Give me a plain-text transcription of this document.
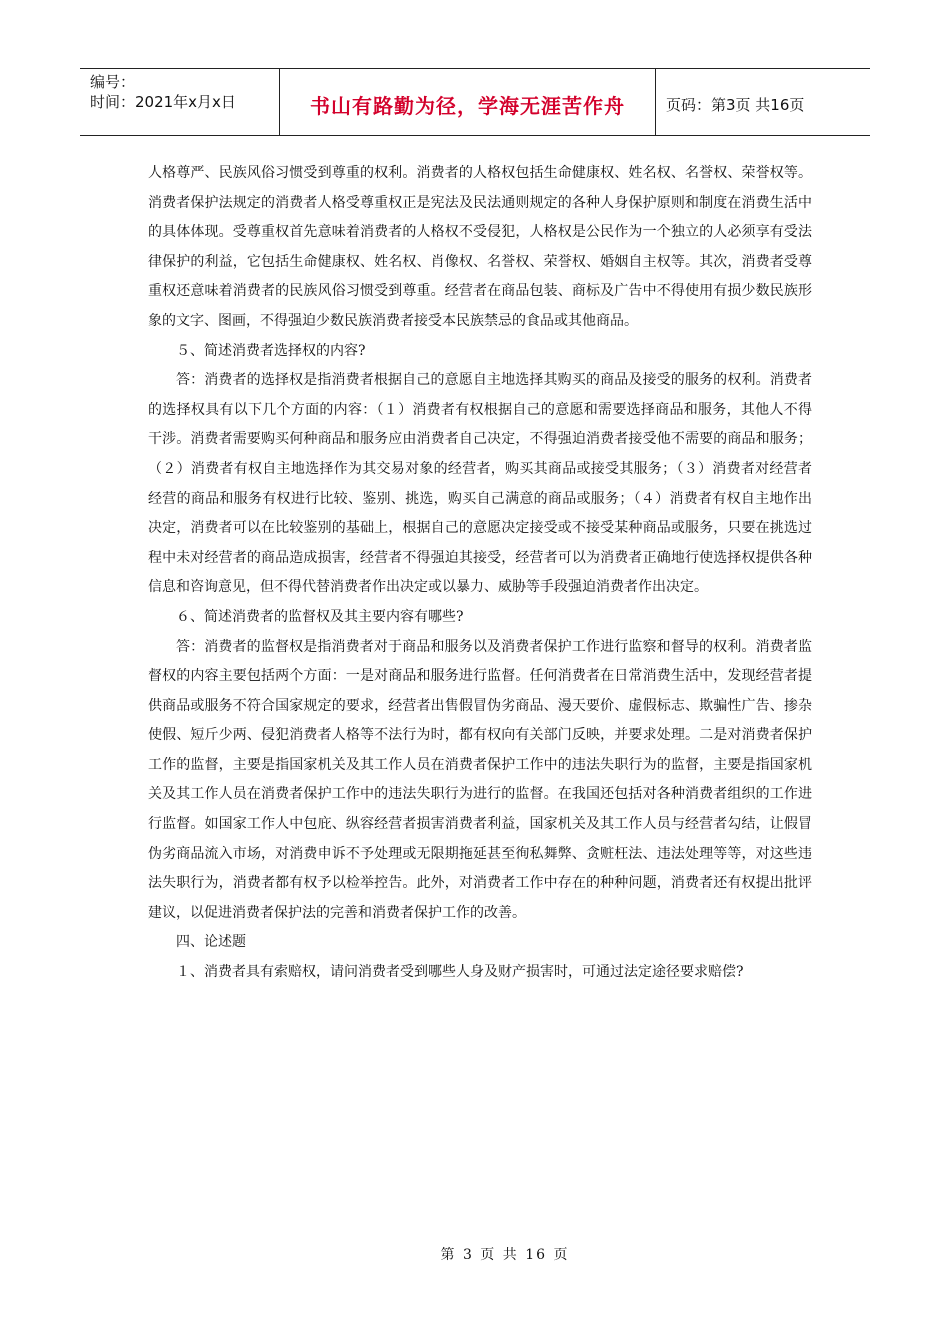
编号：
时间：2021年x月x日	书山有路勤为径，学海无涯苦作舟	页码：第3页 共16页

人格尊严、民族风俗习惯受到尊重的权利。消费者的人格权包括生命健康权、姓名权、名誉权、荣誉权等。消费者保护法规定的消费者人格受尊重权正是宪法及民法通则规定的各种人身保护原则和制度在消费生活中的具体体现。受尊重权首先意味着消费者的人格权不受侵犯，人格权是公民作为一个独立的人必须享有受法律保护的利益，它包括生命健康权、姓名权、肖像权、名誉权、荣誉权、婚姻自主权等。其次，消费者受尊重权还意味着消费者的民族风俗习惯受到尊重。经营者在商品包装、商标及广告中不得使用有损少数民族形象的文字、图画，不得强迫少数民族消费者接受本民族禁忌的食品或其他商品。

５、简述消费者选择权的内容?

答：消费者的选择权是指消费者根据自己的意愿自主地选择其购买的商品及接受的服务的权利。消费者的选择权具有以下几个方面的内容：（１）消费者有权根据自己的意愿和需要选择商品和服务，其他人不得干涉。消费者需要购买何种商品和服务应由消费者自己决定，不得强迫消费者接受他不需要的商品和服务；（２）消费者有权自主地选择作为其交易对象的经营者，购买其商品或接受其服务；（３）消费者对经营者经营的商品和服务有权进行比较、鉴别、挑选，购买自己满意的商品或服务；（４）消费者有权自主地作出决定，消费者可以在比较鉴别的基础上，根据自己的意愿决定接受或不接受某种商品或服务，只要在挑选过程中未对经营者的商品造成损害，经营者不得强迫其接受，经营者可以为消费者正确地行使选择权提供各种信息和咨询意见，但不得代替消费者作出决定或以暴力、威胁等手段强迫消费者作出决定。

６、简述消费者的监督权及其主要内容有哪些?

答：消费者的监督权是指消费者对于商品和服务以及消费者保护工作进行监察和督导的权利。消费者监督权的内容主要包括两个方面：一是对商品和服务进行监督。任何消费者在日常消费生活中，发现经营者提供商品或服务不符合国家规定的要求，经营者出售假冒伪劣商品、漫天要价、虚假标志、欺骗性广告、掺杂使假、短斤少两、侵犯消费者人格等不法行为时，都有权向有关部门反映，并要求处理。二是对消费者保护工作的监督，主要是指国家机关及其工作人员在消费者保护工作中的违法失职行为的监督，主要是指国家机关及其工作人员在消费者保护工作中的违法失职行为进行的监督。在我国还包括对各种消费者组织的工作进行监督。如国家工作人中包庇、纵容经营者损害消费者利益，国家机关及其工作人员与经营者勾结，让假冒伪劣商品流入市场，对消费申诉不予处理或无限期拖延甚至徇私舞弊、贪赃枉法、违法处理等等，对这些违法失职行为，消费者都有权予以检举控告。此外，对消费者工作中存在的种种问题，消费者还有权提出批评建议，以促进消费者保护法的完善和消费者保护工作的改善。

四、论述题

１、消费者具有索赔权，请问消费者受到哪些人身及财产损害时，可通过法定途径要求赔偿?

第 3 页 共 16 页
